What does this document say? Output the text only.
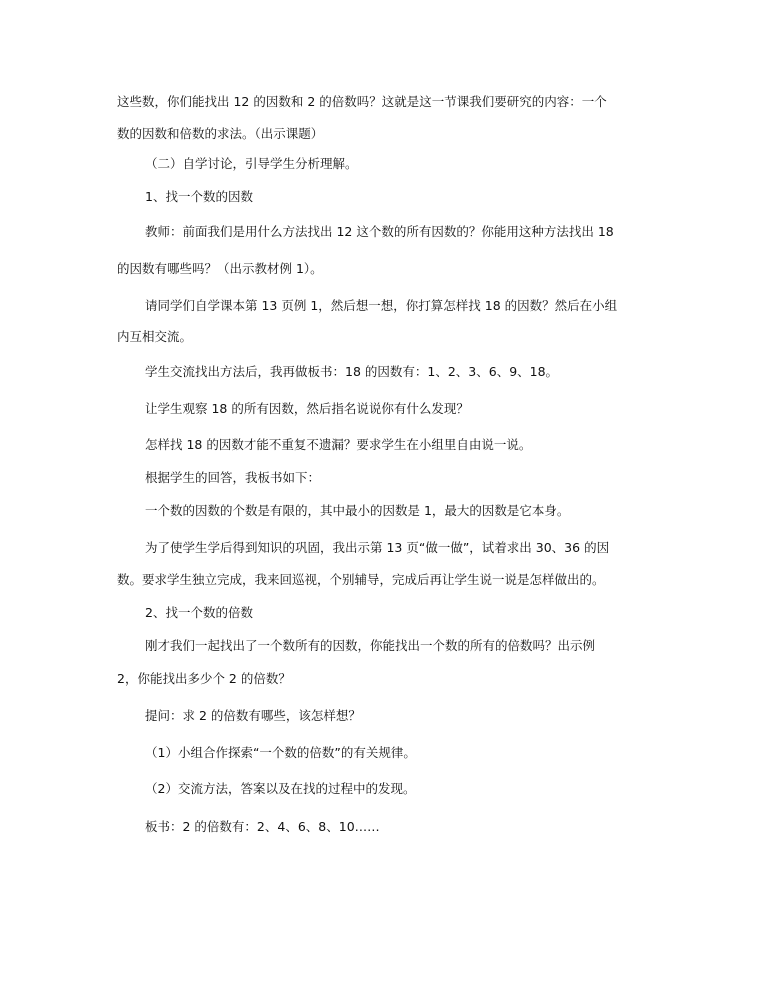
这些数，你们能找出 12 的因数和 2 的倍数吗？这就是这一节课我们要研究的内容：一个
数的因数和倍数的求法。（出示课题）
（二）自学讨论，引导学生分析理解。
1、找一个数的因数
教师：前面我们是用什么方法找出 12 这个数的所有因数的？你能用这种方法找出 18
的因数有哪些吗？（出示教材例 1）。
请同学们自学课本第 13 页例 1，然后想一想，你打算怎样找 18 的因数？然后在小组
内互相交流。
学生交流找出方法后，我再做板书：18 的因数有：1、2、3、6、9、18。
让学生观察 18 的所有因数，然后指名说说你有什么发现？
怎样找 18 的因数才能不重复不遗漏？要求学生在小组里自由说一说。
根据学生的回答，我板书如下：
一个数的因数的个数是有限的，其中最小的因数是 1，最大的因数是它本身。
为了使学生学后得到知识的巩固，我出示第 13 页“做一做”，试着求出 30、36 的因
数。要求学生独立完成，我来回巡视，个别辅导，完成后再让学生说一说是怎样做出的。
2、找一个数的倍数
刚才我们一起找出了一个数所有的因数，你能找出一个数的所有的倍数吗？出示例
2，你能找出多少个 2 的倍数？
提问：求 2 的倍数有哪些，该怎样想？
（1）小组合作探索“一个数的倍数”的有关规律。
（2）交流方法，答案以及在找的过程中的发现。
板书：2 的倍数有：2、4、6、8、10……
